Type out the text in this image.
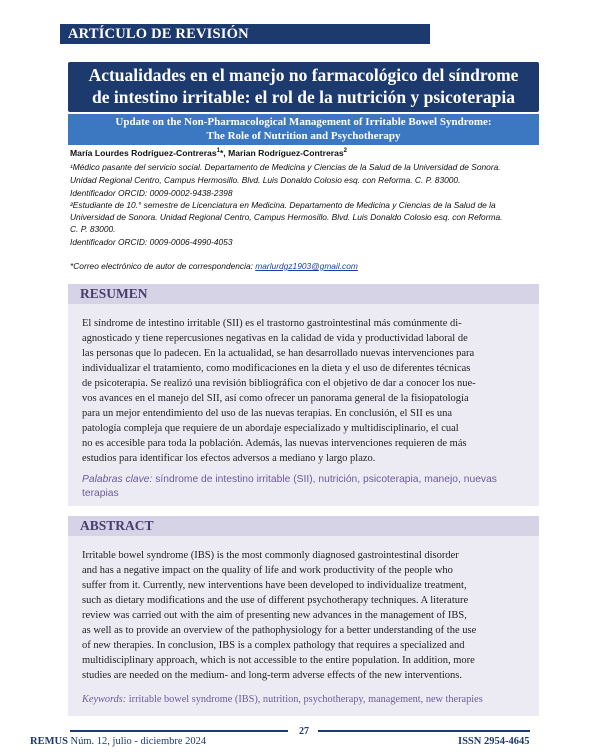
ARTÍCULO DE REVISIÓN
Actualidades en el manejo no farmacológico del síndrome
de intestino irritable: el rol de la nutrición y psicoterapia
Update on the Non-Pharmacological Management of Irritable Bowel Syndrome:
The Role of Nutrition and Psychotherapy
María Lourdes Rodríguez-Contreras$^1$*, Marian Rodríguez-Contreras$^2$
¹Médico pasante del servicio social. Departamento de Medicina y Ciencias de la Salud de la Universidad de Sonora.
Unidad Regional Centro, Campus Hermosillo. Blvd. Luis Donaldo Colosio esq. con Reforma. C. P. 83000.
Identificador ORCID: 0009-0002-9438-2398
²Estudiante de 10.° semestre de Licenciatura en Medicina. Departamento de Medicina y Ciencias de la Salud de la
Universidad de Sonora. Unidad Regional Centro, Campus Hermosillo. Blvd. Luis Donaldo Colosio esq. con Reforma.
C. P. 83000.
Identificador ORCID: 0009-0006-4990-4053
*Correo electrónico de autor de correspondencia: marlurdgz1903@gmail.com
RESUMEN
El síndrome de intestino irritable (SII) es el trastorno gastrointestinal más comúnmente di-
agnosticado y tiene repercusiones negativas en la calidad de vida y productividad laboral de
las personas que lo padecen. En la actualidad, se han desarrollado nuevas intervenciones para
individualizar el tratamiento, como modificaciones en la dieta y el uso de diferentes técnicas
de psicoterapia. Se realizó una revisión bibliográfica con el objetivo de dar a conocer los nue-
vos avances en el manejo del SII, así como ofrecer un panorama general de la fisiopatología
para un mejor entendimiento del uso de las nuevas terapias. En conclusión, el SII es una
patología compleja que requiere de un abordaje especializado y multidisciplinario, el cual
no es accesible para toda la población. Además, las nuevas intervenciones requieren de más
estudios para identificar los efectos adversos a mediano y largo plazo.
Palabras clave: síndrome de intestino irritable (SII), nutrición, psicoterapia, manejo, nuevas
terapias
ABSTRACT
Irritable bowel syndrome (IBS) is the most commonly diagnosed gastrointestinal disorder
and has a negative impact on the quality of life and work productivity of the people who
suffer from it. Currently, new interventions have been developed to individualize treatment,
such as dietary modifications and the use of different psychotherapy techniques. A literature
review was carried out with the aim of presenting new advances in the management of IBS,
as well as to provide an overview of the pathophysiology for a better understanding of the use
of new therapies. In conclusion, IBS is a complex pathology that requires a specialized and
multidisciplinary approach, which is not accessible to the entire population. In addition, more
studies are needed on the medium- and long-term adverse effects of the new interventions.
Keywords: irritable bowel syndrome (IBS), nutrition, psychotherapy, management, new therapies
27
REMUS Núm. 12, julio - diciembre 2024	ISSN 2954-4645
